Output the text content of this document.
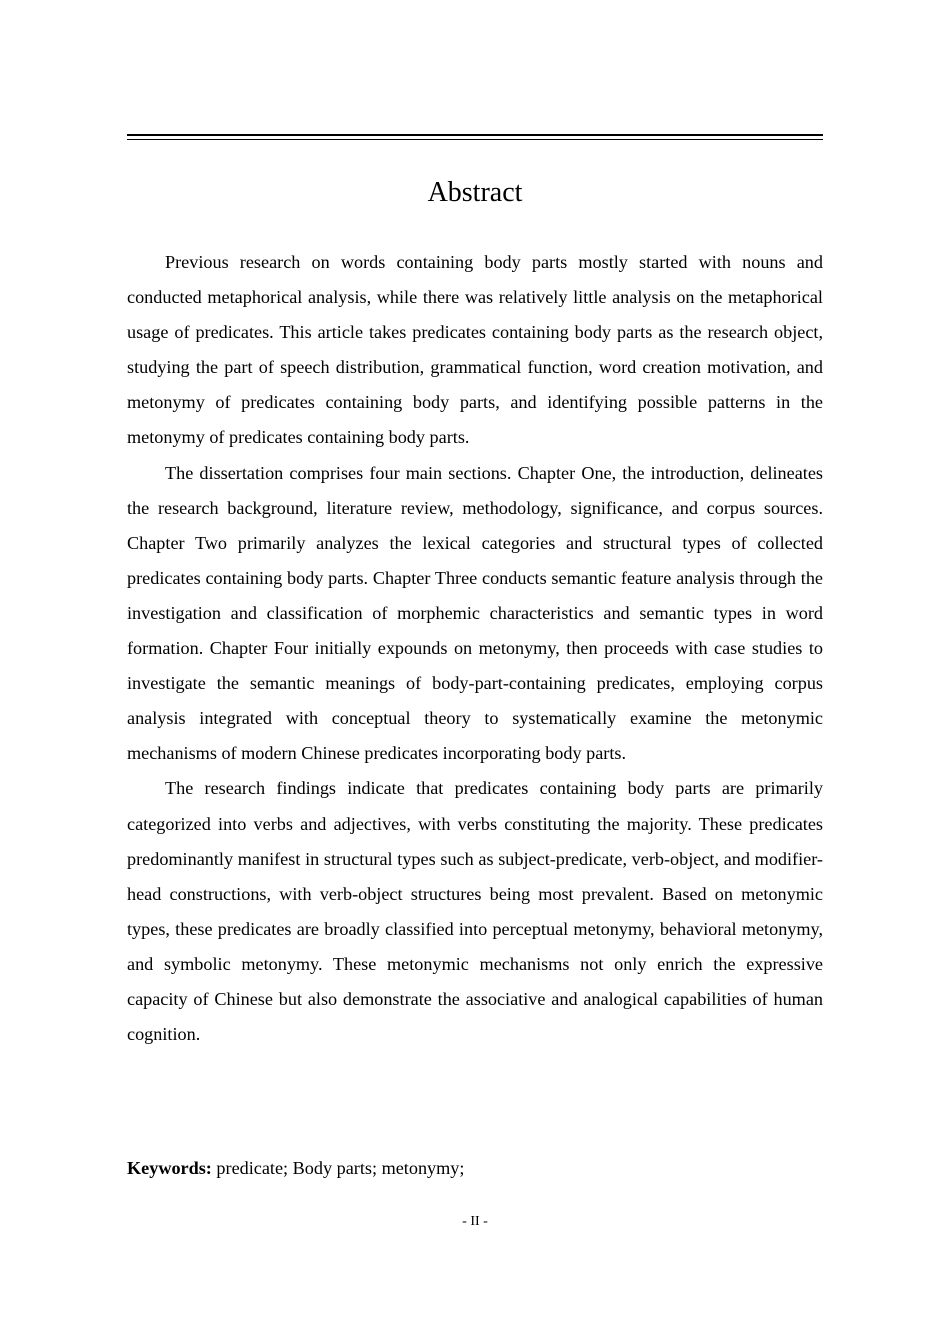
Abstract

Previous research on words containing body parts mostly started with nouns and conducted metaphorical analysis, while there was relatively little analysis on the metaphorical usage of predicates. This article takes predicates containing body parts as the research object, studying the part of speech distribution, grammatical function, word creation motivation, and metonymy of predicates containing body parts, and identifying possible patterns in the metonymy of predicates containing body parts.

The dissertation comprises four main sections. Chapter One, the introduction, delineates the research background, literature review, methodology, significance, and corpus sources. Chapter Two primarily analyzes the lexical categories and structural types of collected predicates containing body parts. Chapter Three conducts semantic feature analysis through the investigation and classification of morphemic characteristics and semantic types in word formation. Chapter Four initially expounds on metonymy, then proceeds with case studies to investigate the semantic meanings of body-part-containing predicates, employing corpus analysis integrated with conceptual theory to systematically examine the metonymic mechanisms of modern Chinese predicates incorporating body parts.

The research findings indicate that predicates containing body parts are primarily categorized into verbs and adjectives, with verbs constituting the majority. These predicates predominantly manifest in structural types such as subject-predicate, verb-object, and modifier-head constructions, with verb-object structures being most prevalent. Based on metonymic types, these predicates are broadly classified into perceptual metonymy, behavioral metonymy, and symbolic metonymy. These metonymic mechanisms not only enrich the expressive capacity of Chinese but also demonstrate the associative and analogical capabilities of human cognition.

Keywords: predicate; Body parts; metonymy;

- II -
